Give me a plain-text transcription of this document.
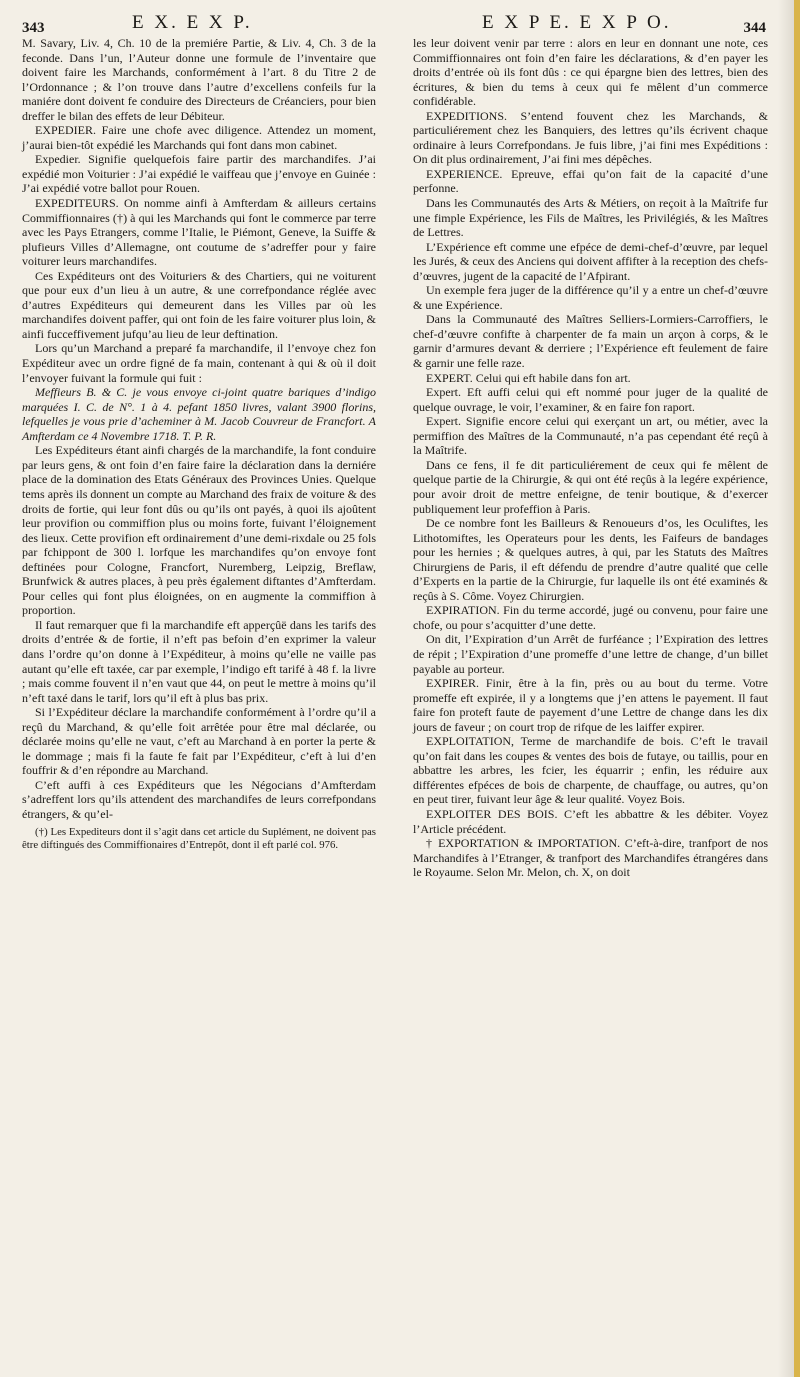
343	E X. E X P.	E X P E. E X P O.	344

M. Savary, Liv. 4, Ch. 10 de la premiére Partie, & Liv. 4, Ch. 3 de la feconde. Dans l’un, l’Auteur donne une formule de l’inventaire que doivent faire les Marchands, conformément à l’art. 8 du Titre 2 de l’Ordonnance ; & l’on trouve dans l’autre d’excellens confeils fur la maniére dont doivent fe conduire des Directeurs de Créanciers, pour bien dreffer le bilan des effets de leur Débiteur.

EXPEDIER. Faire une chofe avec diligence. Attendez un moment, j’aurai bien-tôt expédié les Marchands qui font dans mon cabinet.

Expedier. Signifie quelquefois faire partir des marchandifes. J’ai expédié mon Voiturier : J’ai expédié le vaiffeau que j’envoye en Guinée : J’ai expédié votre ballot pour Rouen.

EXPEDITEURS. On nomme ainfi à Amfterdam & ailleurs certains Commiffionnaires (†) à qui les Marchands qui font le commerce par terre avec les Pays Etrangers, comme l’Italie, le Piémont, Geneve, la Suiffe & plufieurs Villes d’Allemagne, ont coutume de s’adreffer pour y faire voiturer leurs marchandifes.

Ces Expéditeurs ont des Voituriers & des Chartiers, qui ne voiturent que pour eux d’un lieu à un autre, & une correfpondance réglée avec d’autres Expéditeurs qui demeurent dans les Villes par où les marchandifes doivent paffer, qui ont foin de les faire voiturer plus loin, & ainfi fucceffivement jufqu’au lieu de leur deftination.

Lors qu’un Marchand a preparé fa marchandife, il l’envoye chez fon Expéditeur avec un ordre figné de fa main, contenant à qui & où il doit l’envoyer fuivant la formule qui fuit :

Meffieurs B. & C. je vous envoye ci-joint quatre bariques d’indigo marquées I. C. de N°. 1 à 4. pefant 1850 livres, valant 3900 florins, lefquelles je vous prie d’acheminer à M. Jacob Couvreur de Francfort. A Amfterdam ce 4 Novembre 1718. T. P. R.

Les Expéditeurs étant ainfi chargés de la marchandife, la font conduire par leurs gens, & ont foin d’en faire faire la déclaration dans la derniére place de la domination des Etats Généraux des Provinces Unies. Quelque tems après ils donnent un compte au Marchand des fraix de voiture & des droits de fortie, qui leur font dûs ou qu’ils ont payés, à quoi ils ajoûtent leur provifion ou commiffion plus ou moins forte, fuivant l’éloignement des lieux. Cette provifion eft ordinairement d’une demi-rixdale ou 25 fols par fchippont de 300 l. lorfque les marchandifes qu’on envoye font deftinées pour Cologne, Francfort, Nuremberg, Leipzig, Breflaw, Brunfwick & autres places, à peu près également diftantes d’Amfterdam. Pour celles qui font plus éloignées, on en augmente la commiffion à proportion.

Il faut remarquer que fi la marchandife eft apperçûë dans les tarifs des droits d’entrée & de fortie, il n’eft pas befoin d’en exprimer la valeur dans l’ordre qu’on donne à l’Expéditeur, à moins qu’elle ne vaille pas autant qu’elle eft taxée, car par exemple, l’indigo eft tarifé à 48 f. la livre ; mais comme fouvent il n’en vaut que 44, on peut le mettre à moins qu’il n’eft taxé dans le tarif, lors qu’il eft à plus bas prix.

Si l’Expéditeur déclare la marchandife conformément à l’ordre qu’il a reçû du Marchand, & qu’elle foit arrêtée pour être mal déclarée, ou déclarée moins qu’elle ne vaut, c’eft au Marchand à en porter la perte & le dommage ; mais fi la faute fe fait par l’Expéditeur, c’eft à lui d’en fouffrir & d’en répondre au Marchand.

C’eft auffi à ces Expéditeurs que les Négocians d’Amfterdam s’adreffent lors qu’ils attendent des marchandifes de leurs correfpondans étrangers, & qu’el-

(†) Les Expediteurs dont il s’agit dans cet article du Suplément, ne doivent pas être diftingués des Commiffionaires d’Entrepôt, dont il eft parlé col. 976.

les leur doivent venir par terre : alors en leur en donnant une note, ces Commiffionnaires ont foin d’en faire les déclarations, & d’en payer les droits d’entrée où ils font dûs : ce qui épargne bien des lettres, bien des écritures, & bien du tems à ceux qui fe mêlent d’un commerce confidérable.

EXPEDITIONS. S’entend fouvent chez les Marchands, & particuliérement chez les Banquiers, des lettres qu’ils écrivent chaque ordinaire à leurs Correfpondans. Je fuis libre, j’ai fini mes Expéditions : On dit plus ordinairement, J’ai fini mes dépêches.

EXPERIENCE. Epreuve, effai qu’on fait de la capacité d’une perfonne.

Dans les Communautés des Arts & Métiers, on reçoit à la Maîtrife fur une fimple Expérience, les Fils de Maîtres, les Privilégiés, & les Maîtres de Lettres.

L’Expérience eft comme une efpéce de demi-chef-d’œuvre, par lequel les Jurés, & ceux des Anciens qui doivent affifter à la reception des chefs-d’œuvres, jugent de la capacité de l’Afpirant.

Un exemple fera juger de la différence qu’il y a entre un chef-d’œuvre & une Expérience.

Dans la Communauté des Maîtres Selliers-Lormiers-Carroffiers, le chef-d’œuvre confifte à charpenter de fa main un arçon à corps, & le garnir d’armures devant & derriere ; l’Expérience eft feulement de faire & garnir une felle raze.

EXPERT. Celui qui eft habile dans fon art.

Expert. Eft auffi celui qui eft nommé pour juger de la qualité de quelque ouvrage, le voir, l’examiner, & en faire fon raport.

Expert. Signifie encore celui qui exerçant un art, ou métier, avec la permiffion des Maîtres de la Communauté, n’a pas cependant été reçû à la Maîtrife.

Dans ce fens, il fe dit particuliérement de ceux qui fe mêlent de quelque partie de la Chirurgie, & qui ont été reçûs à la legére expérience, pour avoir droit de mettre enfeigne, de tenir boutique, & d’exercer publiquement leur profeffion à Paris.

De ce nombre font les Bailleurs & Renoueurs d’os, les Oculiftes, les Lithotomiftes, les Operateurs pour les dents, les Faifeurs de bandages pour les hernies ; & quelques autres, à qui, par les Statuts des Maîtres Chirurgiens de Paris, il eft défendu de prendre d’autre qualité que celle d’Experts en la partie de la Chirurgie, fur laquelle ils ont été examinés & reçûs à S. Côme. Voyez Chirurgien.

EXPIRATION. Fin du terme accordé, jugé ou convenu, pour faire une chofe, ou pour s’acquitter d’une dette.

On dit, l’Expiration d’un Arrêt de furféance ; l’Expiration des lettres de répit ; l’Expiration d’une promeffe d’une lettre de change, d’un billet payable au porteur.

EXPIRER. Finir, être à la fin, près ou au bout du terme. Votre promeffe eft expirée, il y a longtems que j’en attens le payement. Il faut faire fon proteft faute de payement d’une Lettre de change dans les dix jours de faveur ; on court trop de rifque de les laiffer expirer.

EXPLOITATION, Terme de marchandife de bois. C’eft le travail qu’on fait dans les coupes & ventes des bois de futaye, ou taillis, pour en abbattre les arbres, les fcier, les équarrir ; enfin, les réduire aux différentes efpéces de bois de charpente, de chauffage, ou autres, qu’on en peut tirer, fuivant leur âge & leur qualité. Voyez Bois.

EXPLOITER DES BOIS. C’eft les abbattre & les débiter. Voyez l’Article précédent.

† EXPORTATION & IMPORTATION. C’eft-à-dire, tranfport de nos Marchandifes à l’Etranger, & tranfport des Marchandifes étrangéres dans le Royaume. Selon Mr. Melon, ch. X, on doit
